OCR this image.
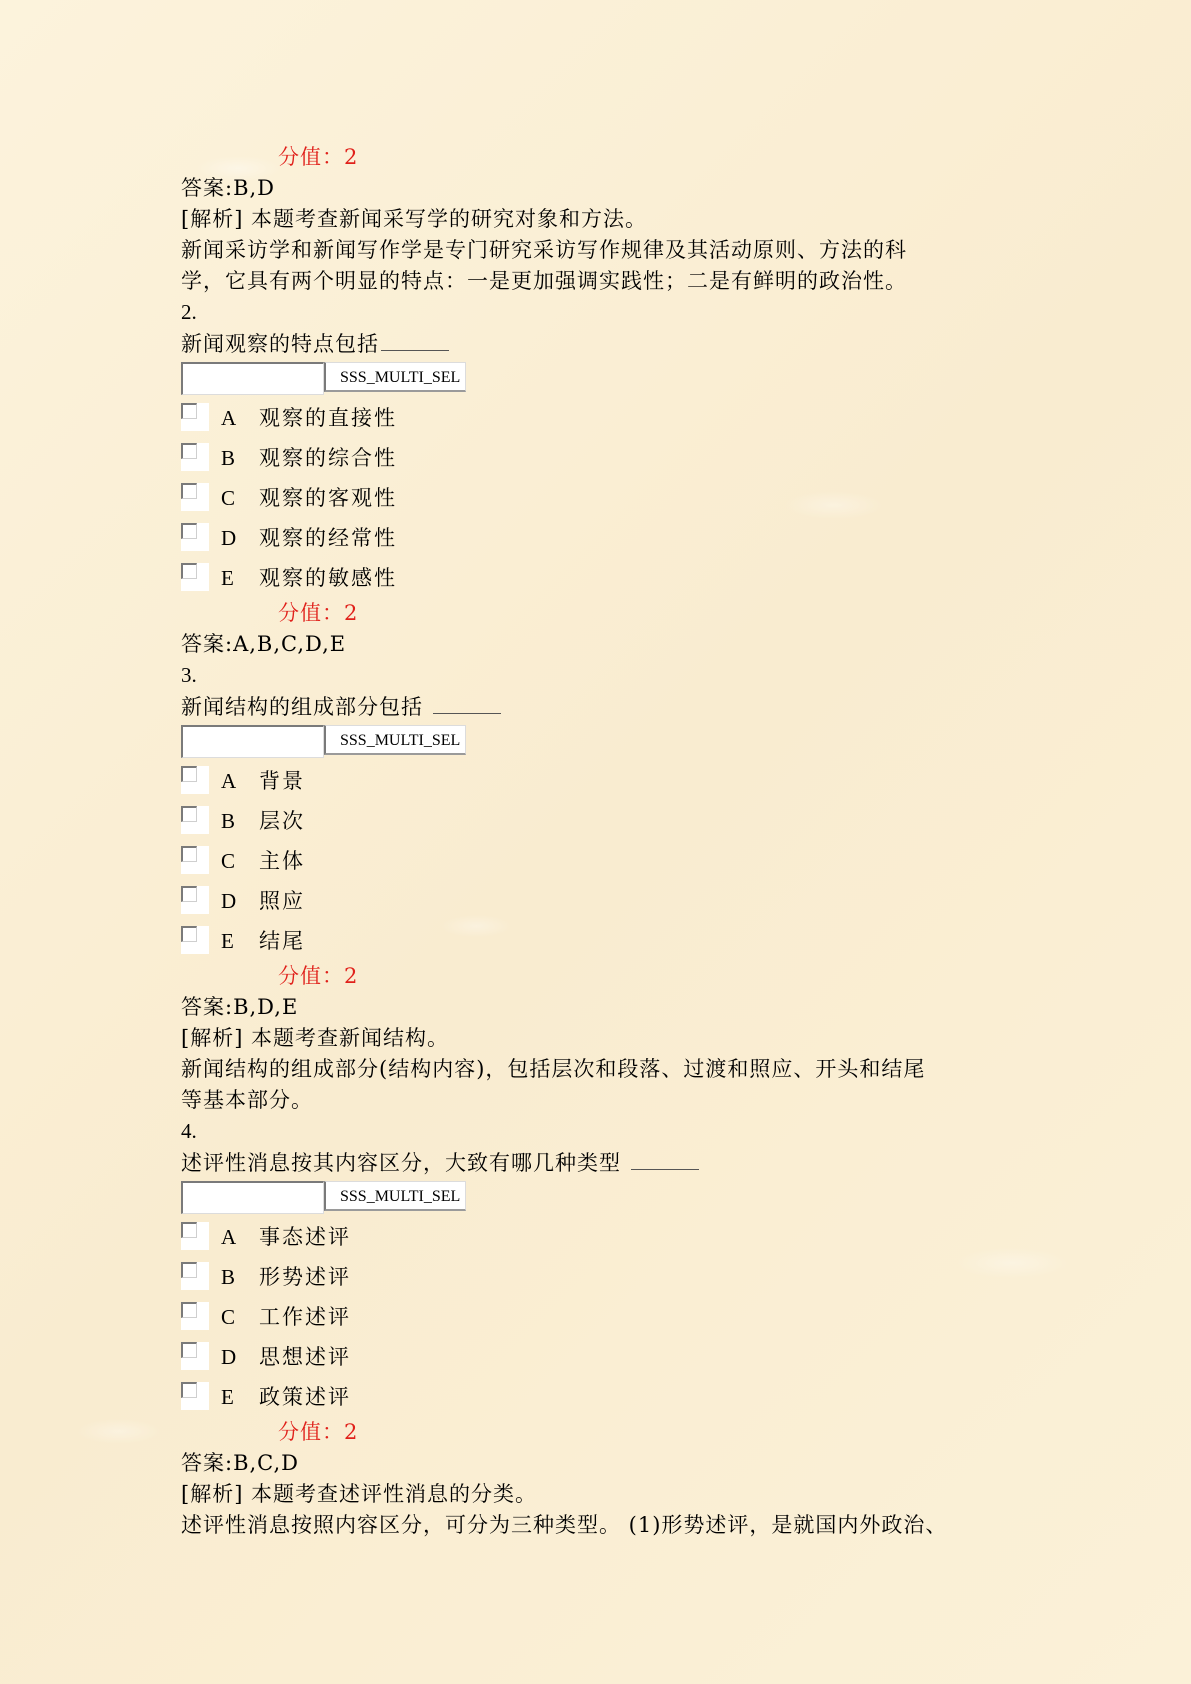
分值：2
答案:B,D
[解析] 本题考查新闻采写学的研究对象和方法。
新闻采访学和新闻写作学是专门研究采访写作规律及其活动原则、方法的科
学，它具有两个明显的特点：一是更加强调实践性；二是有鲜明的政治性。
2.
新闻观察的特点包括
SSS_MULTI_SEL
A	观察的直接性
B	观察的综合性
C	观察的客观性
D	观察的经常性
E	观察的敏感性
分值：2
答案:A,B,C,D,E
3.
新闻结构的组成部分包括
SSS_MULTI_SEL
A	背景
B	层次
C	主体
D	照应
E	结尾
分值：2
答案:B,D,E
[解析] 本题考查新闻结构。
新闻结构的组成部分(结构内容)，包括层次和段落、过渡和照应、开头和结尾
等基本部分。
4.
述评性消息按其内容区分，大致有哪几种类型
SSS_MULTI_SEL
A	事态述评
B	形势述评
C	工作述评
D	思想述评
E	政策述评
分值：2
答案:B,C,D
[解析] 本题考查述评性消息的分类。
述评性消息按照内容区分，可分为三种类型。 (1)形势述评，是就国内外政治、
